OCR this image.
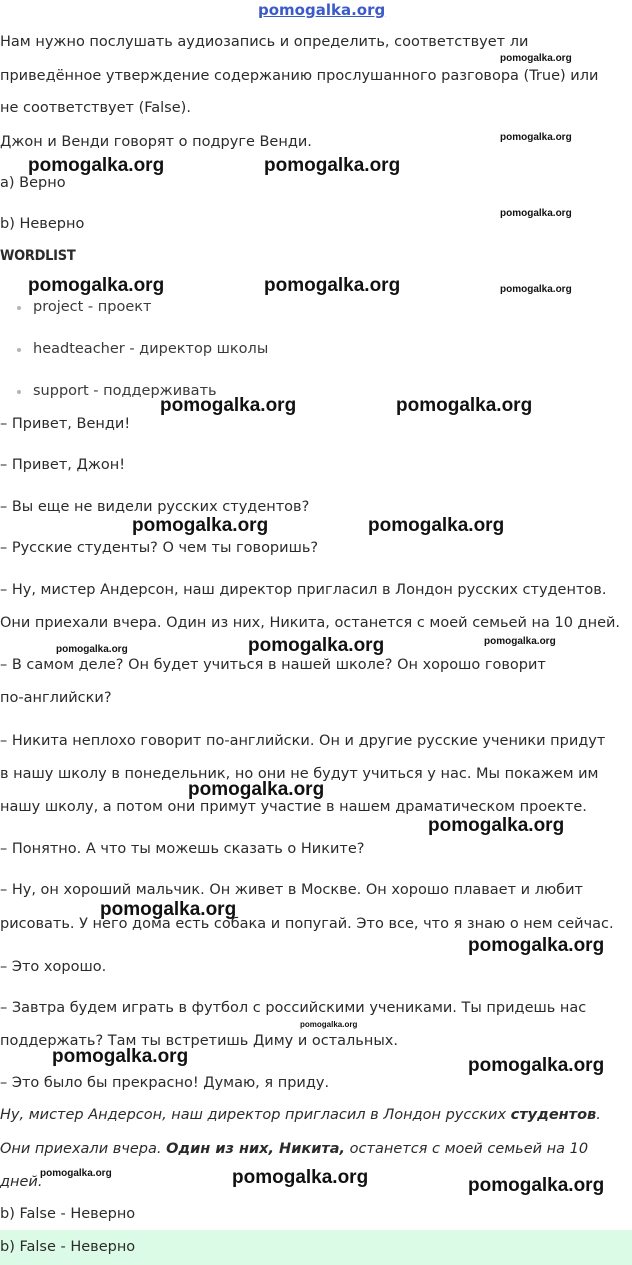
pomogalka.org
Нам нужно послушать аудиозапись и определить, соответствует ли
приведённое утверждение содержанию прослушанного разговора (True) или
не соответствует (False).
Джон и Венди говорят о подруге Венди.
a) Верно
b) Неверно
WORDLIST
project - проект
headteacher - директор школы
support - поддерживать
– Привет, Венди!
– Привет, Джон!
– Вы еще не видели русских студентов?
– Русские студенты? О чем ты говоришь?
– Ну, мистер Андерсон, наш директор пригласил в Лондон русских студентов.
Они приехали вчера. Один из них, Никита, останется с моей семьей на 10 дней.
– В самом деле? Он будет учиться в нашей школе? Он хорошо говорит
по-английски?
– Никита неплохо говорит по-английски. Он и другие русские ученики придут
в нашу школу в понедельник, но они не будут учиться у нас. Мы покажем им
нашу школу, а потом они примут участие в нашем драматическом проекте.
– Понятно. А что ты можешь сказать о Никите?
– Ну, он хороший мальчик. Он живет в Москве. Он хорошо плавает и любит
рисовать. У него дома есть собака и попугай. Это все, что я знаю о нем сейчас.
– Это хорошо.
– Завтра будем играть в футбол с российскими учениками. Ты придешь нас
поддержать? Там ты встретишь Диму и остальных.
– Это было бы прекрасно! Думаю, я приду.
Ну, мистер Андерсон, наш директор пригласил в Лондон русских студентов.
Они приехали вчера. Один из них, Никита, останется с моей семьей на 10
дней.
b) False - Неверно
b) False - Неверно
pomogalka.org
pomogalka.org
pomogalka.org	pomogalka.org
pomogalka.org
pomogalka.org	pomogalka.org	pomogalka.org
pomogalka.org	pomogalka.org
pomogalka.org	pomogalka.org
pomogalka.org	pomogalka.org	pomogalka.org
pomogalka.org
pomogalka.org
pomogalka.org
pomogalka.org
pomogalka.org
pomogalka.org	pomogalka.org
pomogalka.org	pomogalka.org	pomogalka.org
